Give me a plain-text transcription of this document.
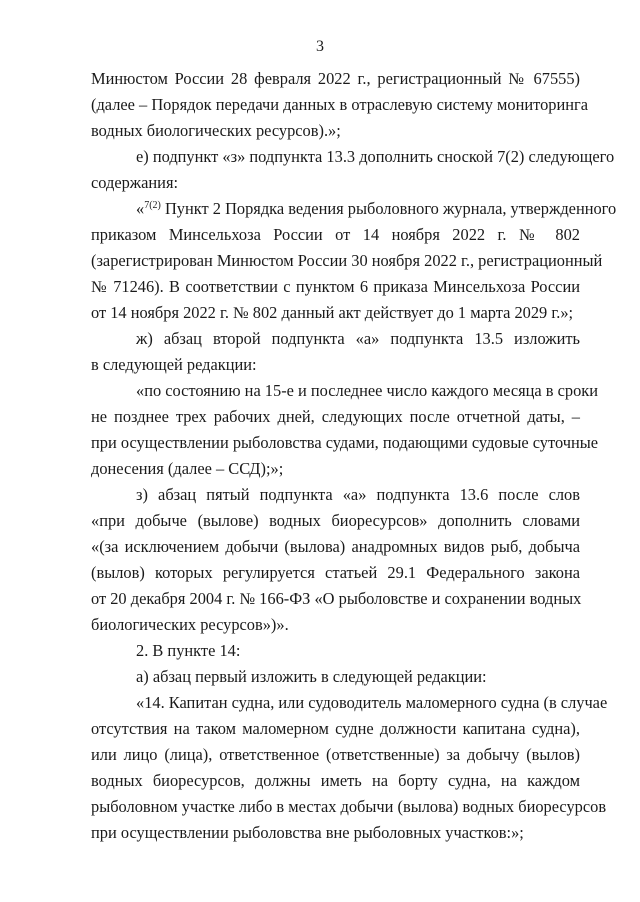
3

Минюстом России 28 февраля 2022 г., регистрационный № 67555)
(далее – Порядок передачи данных в отраслевую систему мониторинга
водных биологических ресурсов).»;

е) подпункт «з» подпункта 13.3 дополнить сноской 7(2) следующего
содержания:

«$^{7(2)}$ Пункт 2 Порядка ведения рыболовного журнала, утвержденного
приказом Минсельхоза России от 14 ноября 2022 г. № 802
(зарегистрирован Минюстом России 30 ноября 2022 г., регистрационный
№ 71246). В соответствии с пунктом 6 приказа Минсельхоза России
от 14 ноября 2022 г. № 802 данный акт действует до 1 марта 2029 г.»;

ж) абзац второй подпункта «а» подпункта 13.5 изложить
в следующей редакции:

«по состоянию на 15-е и последнее число каждого месяца в сроки
не позднее трех рабочих дней, следующих после отчетной даты, –
при осуществлении рыболовства судами, подающими судовые суточные
донесения (далее – ССД);»;

з) абзац пятый подпункта «а» подпункта 13.6 после слов
«при добыче (вылове) водных биоресурсов» дополнить словами
«(за исключением добычи (вылова) анадромных видов рыб, добыча
(вылов) которых регулируется статьей 29.1 Федерального закона
от 20 декабря 2004 г. № 166-ФЗ «О рыболовстве и сохранении водных
биологических ресурсов»)».

2. В пункте 14:

а) абзац первый изложить в следующей редакции:

«14. Капитан судна, или судоводитель маломерного судна (в случае
отсутствия на таком маломерном судне должности капитана судна),
или лицо (лица), ответственное (ответственные) за добычу (вылов)
водных биоресурсов, должны иметь на борту судна, на каждом
рыболовном участке либо в местах добычи (вылова) водных биоресурсов
при осуществлении рыболовства вне рыболовных участков:»;
